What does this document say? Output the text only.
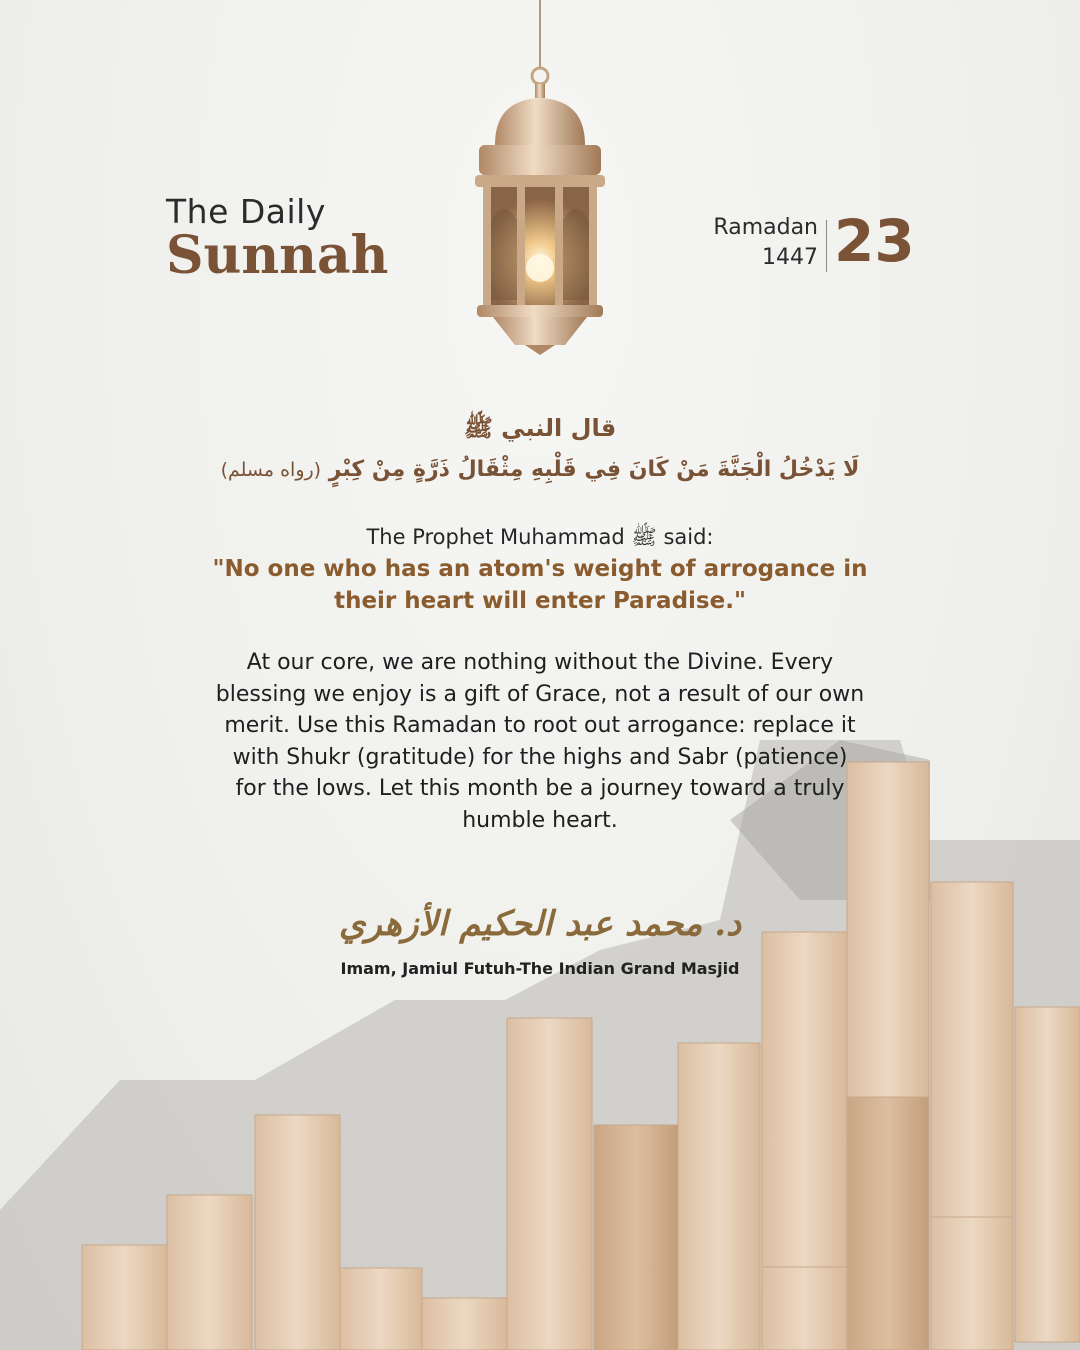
The Daily
Sunnah	Ramadan
1447 23
قال النبي ﷺ
لَا يَدْخُلُ الْجَنَّةَ مَنْ كَانَ فِي قَلْبِهِ مِثْقَالُ ذَرَّةٍ مِنْ كِبْرٍ (رواه مسلم)
The Prophet Muhammad ﷺ said:
"No one who has an atom's weight of arrogance in their heart will enter Paradise."
At our core, we are nothing without the Divine. Every blessing we enjoy is a gift of Grace, not a result of our own merit. Use this Ramadan to root out arrogance: replace it with Shukr (gratitude) for the highs and Sabr (patience) for the lows. Let this month be a journey toward a truly humble heart.
د. محمد عبد الحكيم الأزهري
Imam, Jamiul Futuh-The Indian Grand Masjid
